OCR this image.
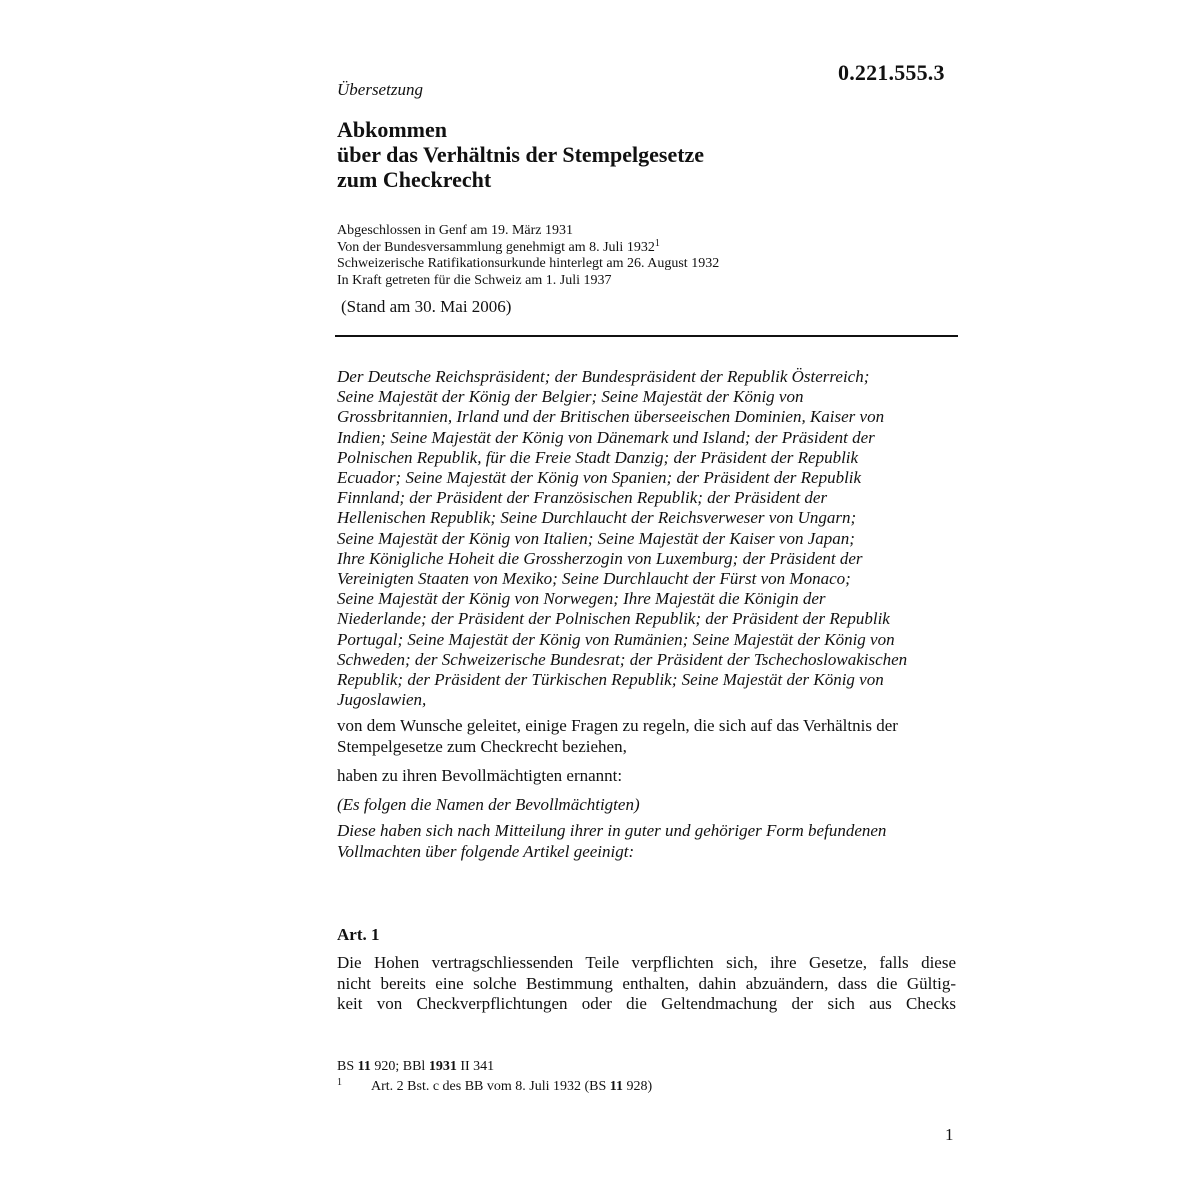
0.221.555.3
Übersetzung
Abkommen
über das Verhältnis der Stempelgesetze
zum Checkrecht
Abgeschlossen in Genf am 19. März 1931
Von der Bundesversammlung genehmigt am 8. Juli 1932$^1$
Schweizerische Ratifikationsurkunde hinterlegt am 26. August 1932
In Kraft getreten für die Schweiz am 1. Juli 1937
(Stand am 30. Mai 2006)
Der Deutsche Reichspräsident; der Bundespräsident der Republik Österreich;
Seine Majestät der König der Belgier; Seine Majestät der König von
Grossbritannien, Irland und der Britischen überseeischen Dominien, Kaiser von
Indien; Seine Majestät der König von Dänemark und Island; der Präsident der
Polnischen Republik, für die Freie Stadt Danzig; der Präsident der Republik
Ecuador; Seine Majestät der König von Spanien; der Präsident der Republik
Finnland; der Präsident der Französischen Republik; der Präsident der
Hellenischen Republik; Seine Durchlaucht der Reichsverweser von Ungarn;
Seine Majestät der König von Italien; Seine Majestät der Kaiser von Japan;
Ihre Königliche Hoheit die Grossherzogin von Luxemburg; der Präsident der
Vereinigten Staaten von Mexiko; Seine Durchlaucht der Fürst von Monaco;
Seine Majestät der König von Norwegen; Ihre Majestät die Königin der
Niederlande; der Präsident der Polnischen Republik; der Präsident der Republik
Portugal; Seine Majestät der König von Rumänien; Seine Majestät der König von
Schweden; der Schweizerische Bundesrat; der Präsident der Tschechoslowakischen
Republik; der Präsident der Türkischen Republik; Seine Majestät der König von
Jugoslawien,
von dem Wunsche geleitet, einige Fragen zu regeln, die sich auf das Verhältnis der
Stempelgesetze zum Checkrecht beziehen,
haben zu ihren Bevollmächtigten ernannt:
(Es folgen die Namen der Bevollmächtigten)
Diese haben sich nach Mitteilung ihrer in guter und gehöriger Form befundenen
Vollmachten über folgende Artikel geeinigt:
Art. 1
Die Hohen vertragschliessenden Teile verpflichten sich, ihre Gesetze, falls diese
nicht bereits eine solche Bestimmung enthalten, dahin abzuändern, dass die Gültig-
keit von Checkverpflichtungen oder die Geltendmachung der sich aus Checks
BS 11 920; BBl 1931 II 341
1 Art. 2 Bst. c des BB vom 8. Juli 1932 (BS 11 928)
1
